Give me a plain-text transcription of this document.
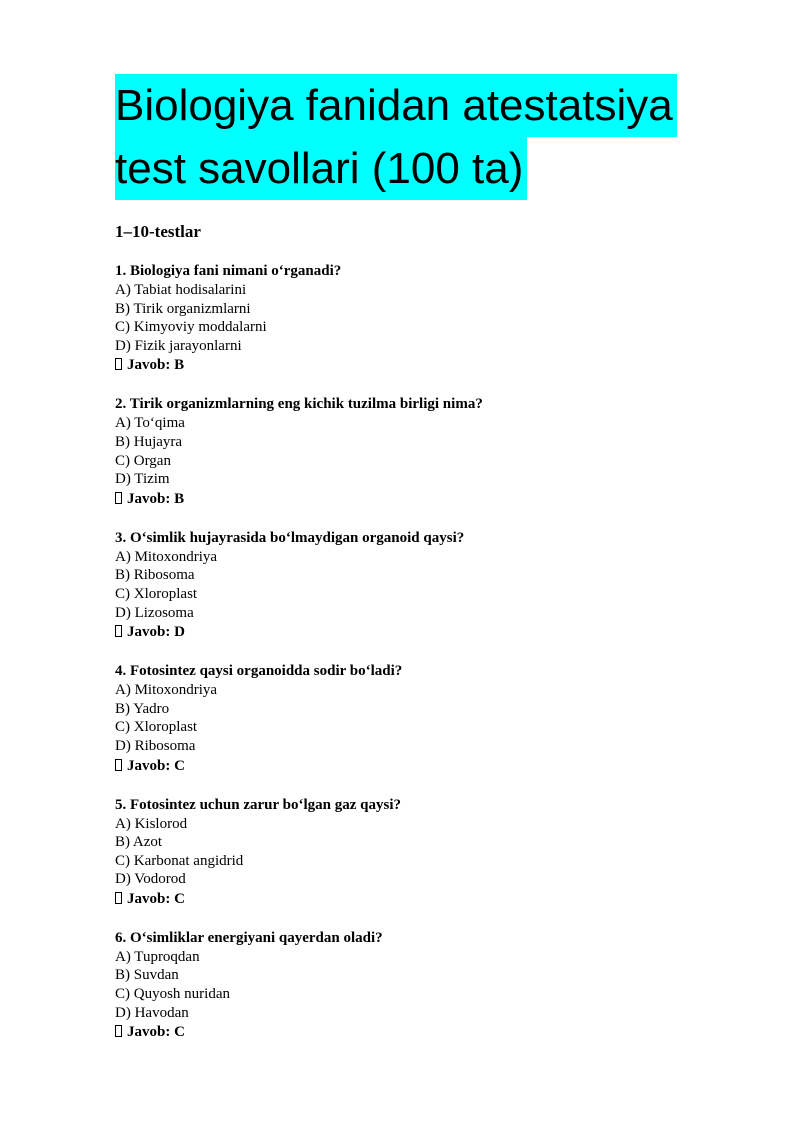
Biologiya fanidan atestatsiya
test savollari (100 ta)
1–10-testlar
1. Biologiya fani nimani o‘rganadi?
A) Tabiat hodisalarini
B) Tirik organizmlarni
C) Kimyoviy moddalarni
D) Fizik jarayonlarni
Javob: B
2. Tirik organizmlarning eng kichik tuzilma birligi nima?
A) To‘qima
B) Hujayra
C) Organ
D) Tizim
Javob: B
3. O‘simlik hujayrasida bo‘lmaydigan organoid qaysi?
A) Mitoxondriya
B) Ribosoma
C) Xloroplast
D) Lizosoma
Javob: D
4. Fotosintez qaysi organoidda sodir bo‘ladi?
A) Mitoxondriya
B) Yadro
C) Xloroplast
D) Ribosoma
Javob: C
5. Fotosintez uchun zarur bo‘lgan gaz qaysi?
A) Kislorod
B) Azot
C) Karbonat angidrid
D) Vodorod
Javob: C
6. O‘simliklar energiyani qayerdan oladi?
A) Tuproqdan
B) Suvdan
C) Quyosh nuridan
D) Havodan
Javob: C
